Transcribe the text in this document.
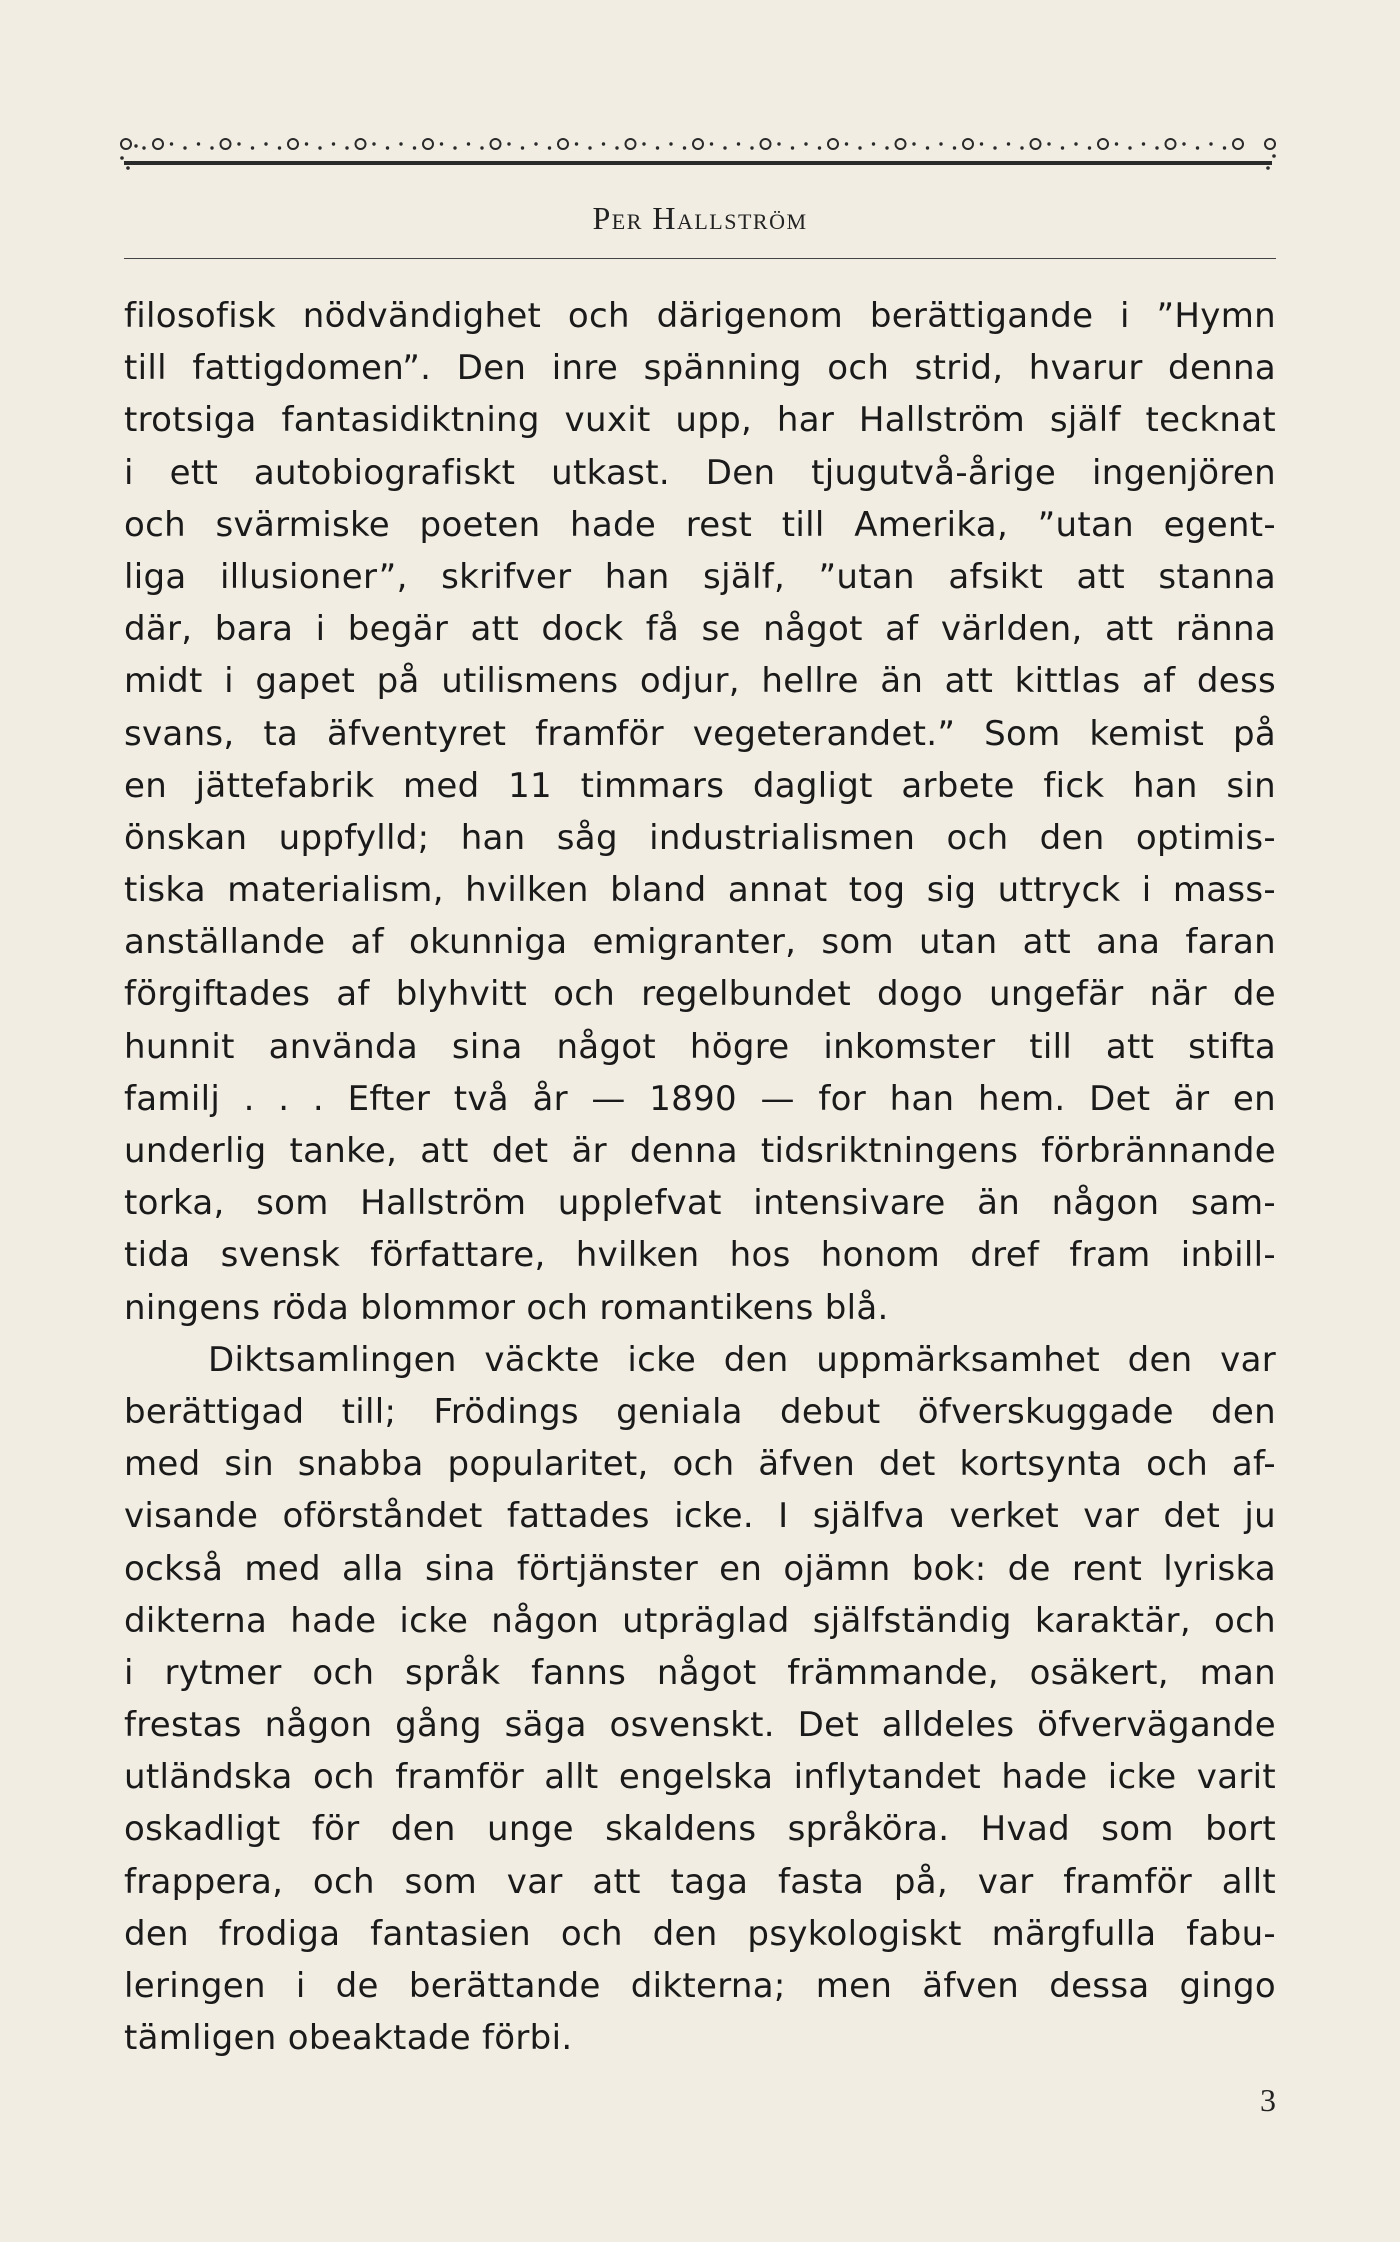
Per Hallström
filosofisk nödvändighet och därigenom berättigande i ”Hymn
till fattigdomen”. Den inre spänning och strid, hvarur denna
trotsiga fantasidiktning vuxit upp, har Hallström själf tecknat
i ett autobiografiskt utkast. Den tjugutvå-årige ingenjören
och svärmiske poeten hade rest till Amerika, ”utan egent-
liga illusioner”, skrifver han själf, ”utan afsikt att stanna
där, bara i begär att dock få se något af världen, att ränna
midt i gapet på utilismens odjur, hellre än att kittlas af dess
svans, ta äfventyret framför vegeterandet.” Som kemist på
en jättefabrik med 11 timmars dagligt arbete fick han sin
önskan uppfylld; han såg industrialismen och den optimis-
tiska materialism, hvilken bland annat tog sig uttryck i mass-
anställande af okunniga emigranter, som utan att ana faran
förgiftades af blyhvitt och regelbundet dogo ungefär när de
hunnit använda sina något högre inkomster till att stifta
familj . . . Efter två år — 1890 — for han hem. Det är en
underlig tanke, att det är denna tidsriktningens förbrännande
torka, som Hallström upplefvat intensivare än någon sam-
tida svensk författare, hvilken hos honom dref fram inbill-
ningens röda blommor och romantikens blå.
Diktsamlingen väckte icke den uppmärksamhet den var
berättigad till; Frödings geniala debut öfverskuggade den
med sin snabba popularitet, och äfven det kortsynta och af-
visande oförståndet fattades icke. I själfva verket var det ju
också med alla sina förtjänster en ojämn bok: de rent lyriska
dikterna hade icke någon utpräglad själfständig karaktär, och
i rytmer och språk fanns något främmande, osäkert, man
frestas någon gång säga osvenskt. Det alldeles öfvervägande
utländska och framför allt engelska inflytandet hade icke varit
oskadligt för den unge skaldens språköra. Hvad som bort
frappera, och som var att taga fasta på, var framför allt
den frodiga fantasien och den psykologiskt märgfulla fabu-
leringen i de berättande dikterna; men äfven dessa gingo
tämligen obeaktade förbi.
3
